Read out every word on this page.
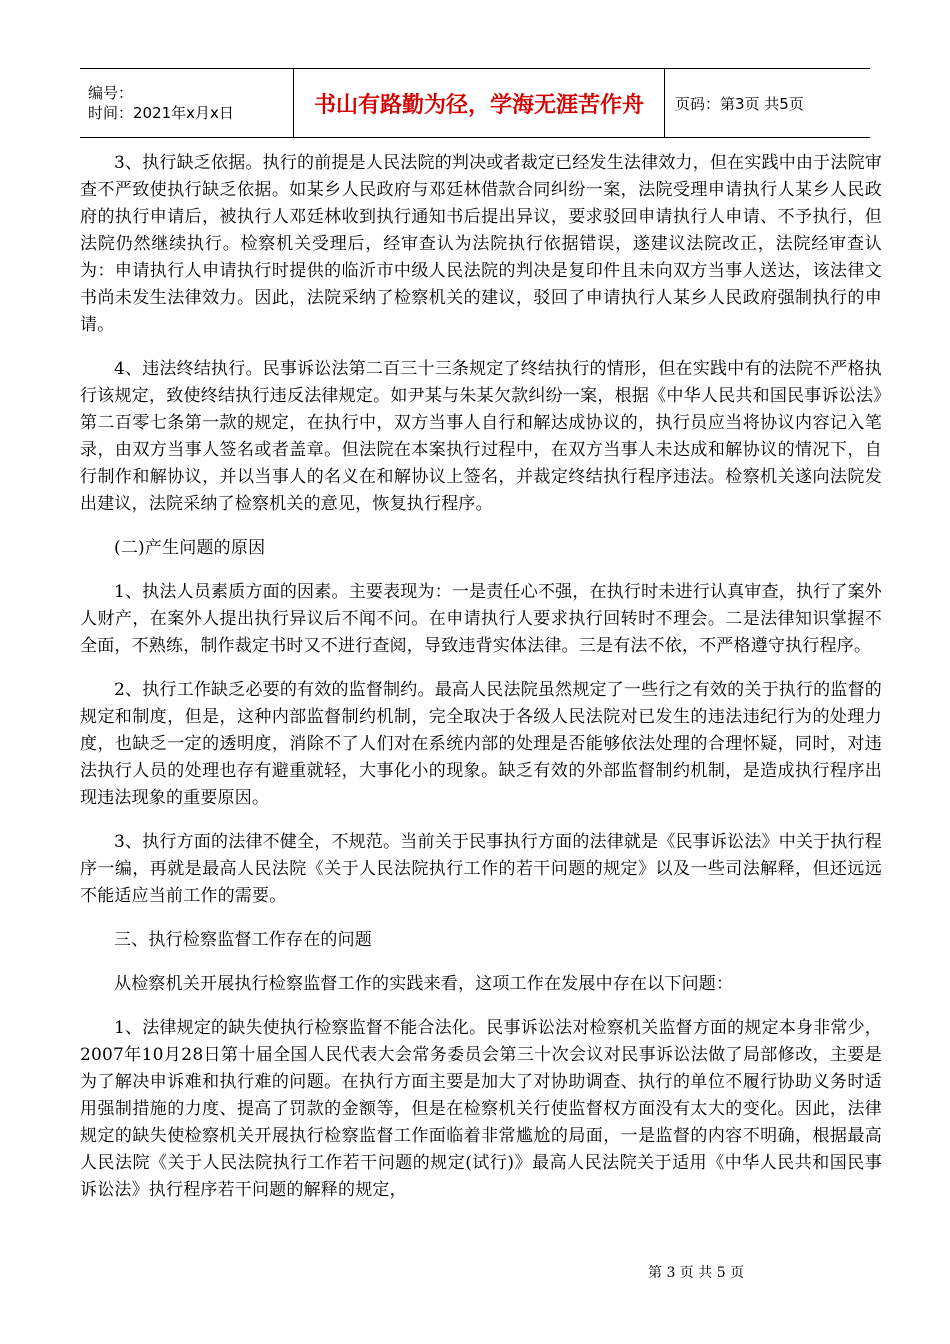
编号：
时间：2021年x月x日	书山有路勤为径，学海无涯苦作舟 页码：第3页 共5页

3、执行缺乏依据。执行的前提是人民法院的判决或者裁定已经发生法律效力，但在实践中由于法院审查不严致使执行缺乏依据。如某乡人民政府与邓廷林借款合同纠纷一案，法院受理申请执行人某乡人民政府的执行申请后，被执行人邓廷林收到执行通知书后提出异议，要求驳回申请执行人申请、不予执行，但法院仍然继续执行。检察机关受理后，经审查认为法院执行依据错误，遂建议法院改正，法院经审查认为：申请执行人申请执行时提供的临沂市中级人民法院的判决是复印件且未向双方当事人送达，该法律文书尚未发生法律效力。因此，法院采纳了检察机关的建议，驳回了申请执行人某乡人民政府强制执行的申请。

4、违法终结执行。民事诉讼法第二百三十三条规定了终结执行的情形，但在实践中有的法院不严格执行该规定，致使终结执行违反法律规定。如尹某与朱某欠款纠纷一案，根据《中华人民共和国民事诉讼法》第二百零七条第一款的规定，在执行中，双方当事人自行和解达成协议的，执行员应当将协议内容记入笔录，由双方当事人签名或者盖章。但法院在本案执行过程中，在双方当事人未达成和解协议的情况下，自行制作和解协议，并以当事人的名义在和解协议上签名，并裁定终结执行程序违法。检察机关遂向法院发出建议，法院采纳了检察机关的意见，恢复执行程序。

(二)产生问题的原因

1、执法人员素质方面的因素。主要表现为：一是责任心不强，在执行时未进行认真审查，执行了案外人财产，在案外人提出执行异议后不闻不问。在申请执行人要求执行回转时不理会。二是法律知识掌握不全面，不熟练，制作裁定书时又不进行查阅，导致违背实体法律。三是有法不依，不严格遵守执行程序。

2、执行工作缺乏必要的有效的监督制约。最高人民法院虽然规定了一些行之有效的关于执行的监督的规定和制度，但是，这种内部监督制约机制，完全取决于各级人民法院对已发生的违法违纪行为的处理力度，也缺乏一定的透明度，消除不了人们对在系统内部的处理是否能够依法处理的合理怀疑，同时，对违法执行人员的处理也存有避重就轻，大事化小的现象。缺乏有效的外部监督制约机制，是造成执行程序出现违法现象的重要原因。

3、执行方面的法律不健全，不规范。当前关于民事执行方面的法律就是《民事诉讼法》中关于执行程序一编，再就是最高人民法院《关于人民法院执行工作的若干问题的规定》以及一些司法解释，但还远远不能适应当前工作的需要。

三、执行检察监督工作存在的问题

从检察机关开展执行检察监督工作的实践来看，这项工作在发展中存在以下问题：

1、法律规定的缺失使执行检察监督不能合法化。民事诉讼法对检察机关监督方面的规定本身非常少，2007年10月28日第十届全国人民代表大会常务委员会第三十次会议对民事诉讼法做了局部修改，主要是为了解决申诉难和执行难的问题。在执行方面主要是加大了对协助调查、执行的单位不履行协助义务时适用强制措施的力度、提高了罚款的金额等，但是在检察机关行使监督权方面没有太大的变化。因此，法律规定的缺失使检察机关开展执行检察监督工作面临着非常尴尬的局面，一是监督的内容不明确，根据最高人民法院《关于人民法院执行工作若干问题的规定(试行)》最高人民法院关于适用《中华人民共和国民事诉讼法》执行程序若干问题的解释的规定，

第 3 页 共 5 页
